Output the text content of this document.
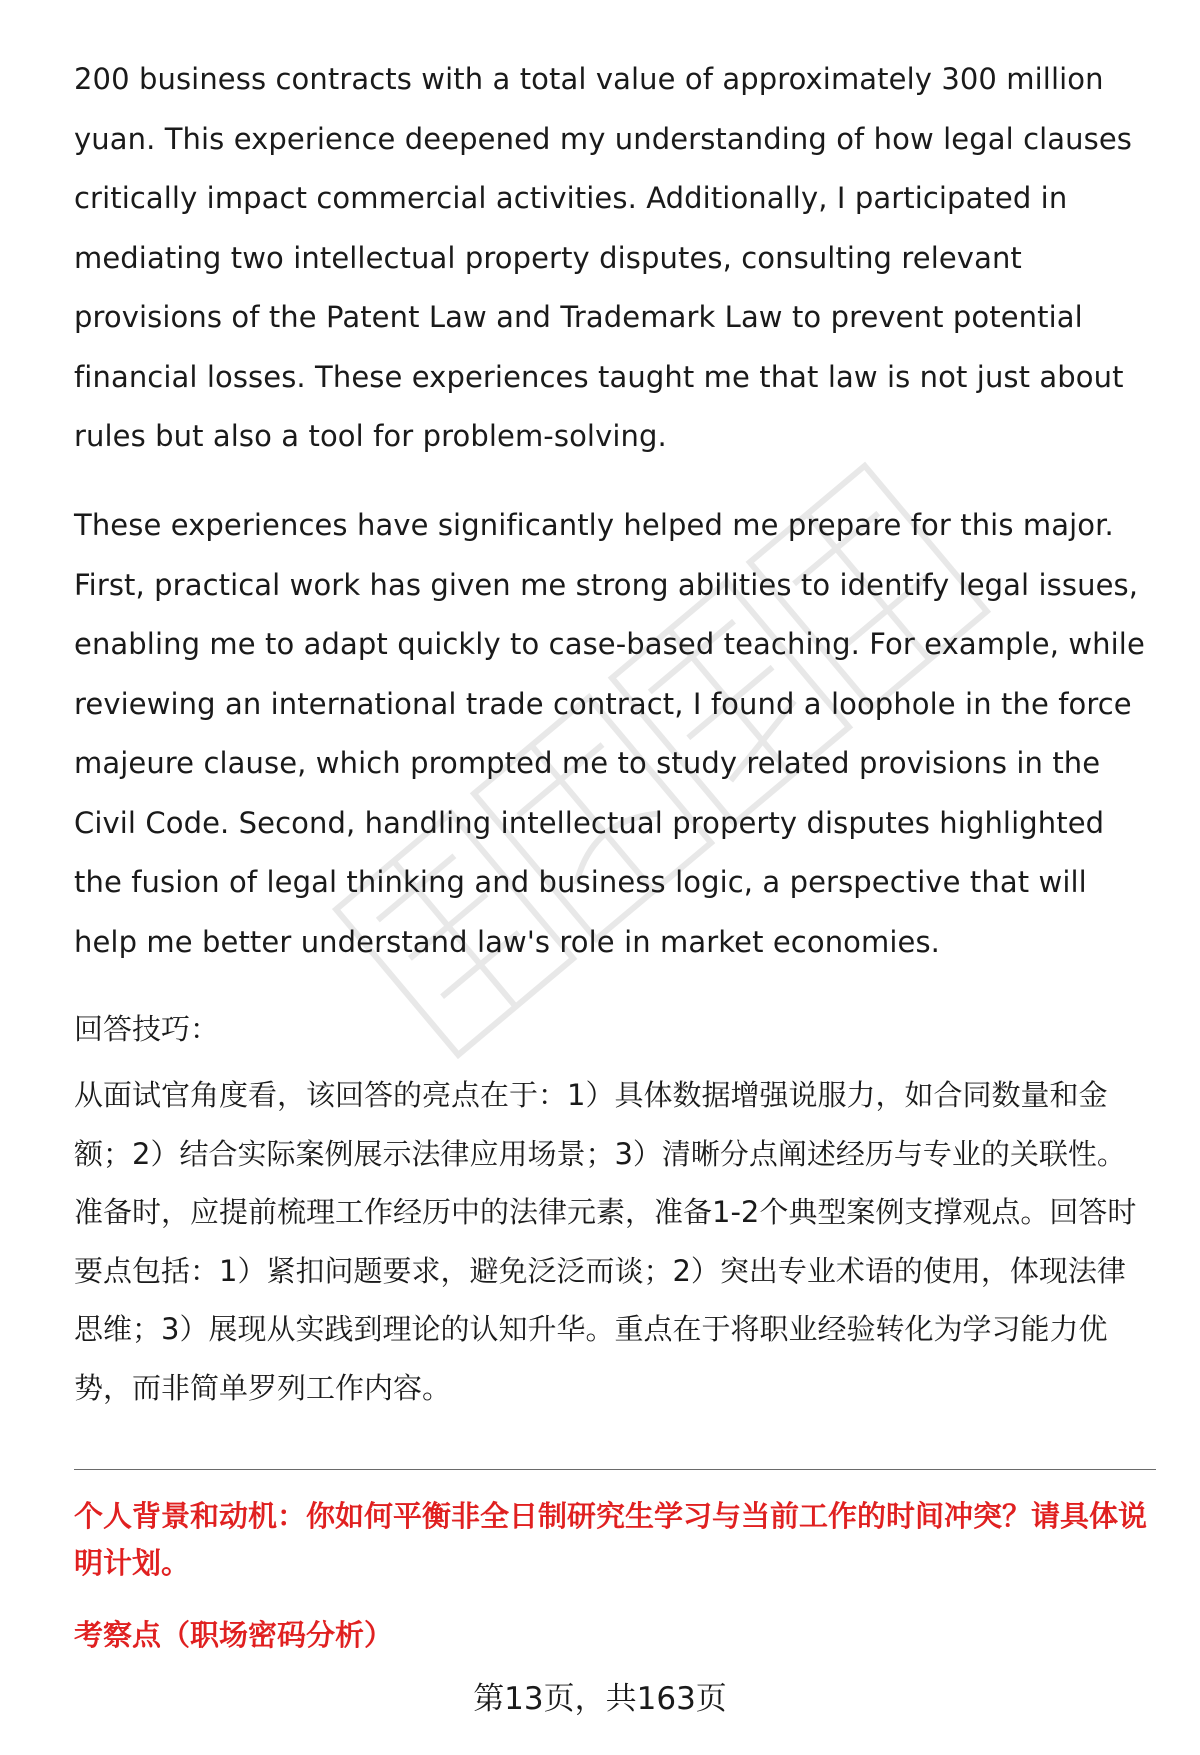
200 business contracts with a total value of approximately 300 million yuan. This experience deepened my understanding of how legal clauses critically impact commercial activities. Additionally, I participated in mediating two intellectual property disputes, consulting relevant provisions of the Patent Law and Trademark Law to prevent potential financial losses. These experiences taught me that law is not just about rules but also a tool for problem-solving.

These experiences have significantly helped me prepare for this major. First, practical work has given me strong abilities to identify legal issues, enabling me to adapt quickly to case-based teaching. For example, while reviewing an international trade contract, I found a loophole in the force majeure clause, which prompted me to study related provisions in the Civil Code. Second, handling intellectual property disputes highlighted the fusion of legal thinking and business logic, a perspective that will help me better understand law's role in market economies.

回答技巧：
从面试官角度看，该回答的亮点在于：1）具体数据增强说服力，如合同数量和金额；2）结合实际案例展示法律应用场景；3）清晰分点阐述经历与专业的关联性。准备时，应提前梳理工作经历中的法律元素，准备1-2个典型案例支撑观点。回答时要点包括：1）紧扣问题要求，避免泛泛而谈；2）突出专业术语的使用，体现法律思维；3）展现从实践到理论的认知升华。重点在于将职业经验转化为学习能力优势，而非简单罗列工作内容。
个人背景和动机：你如何平衡非全日制研究生学习与当前工作的时间冲突？请具体说明计划。
考察点（职场密码分析）
第13页，共163页
